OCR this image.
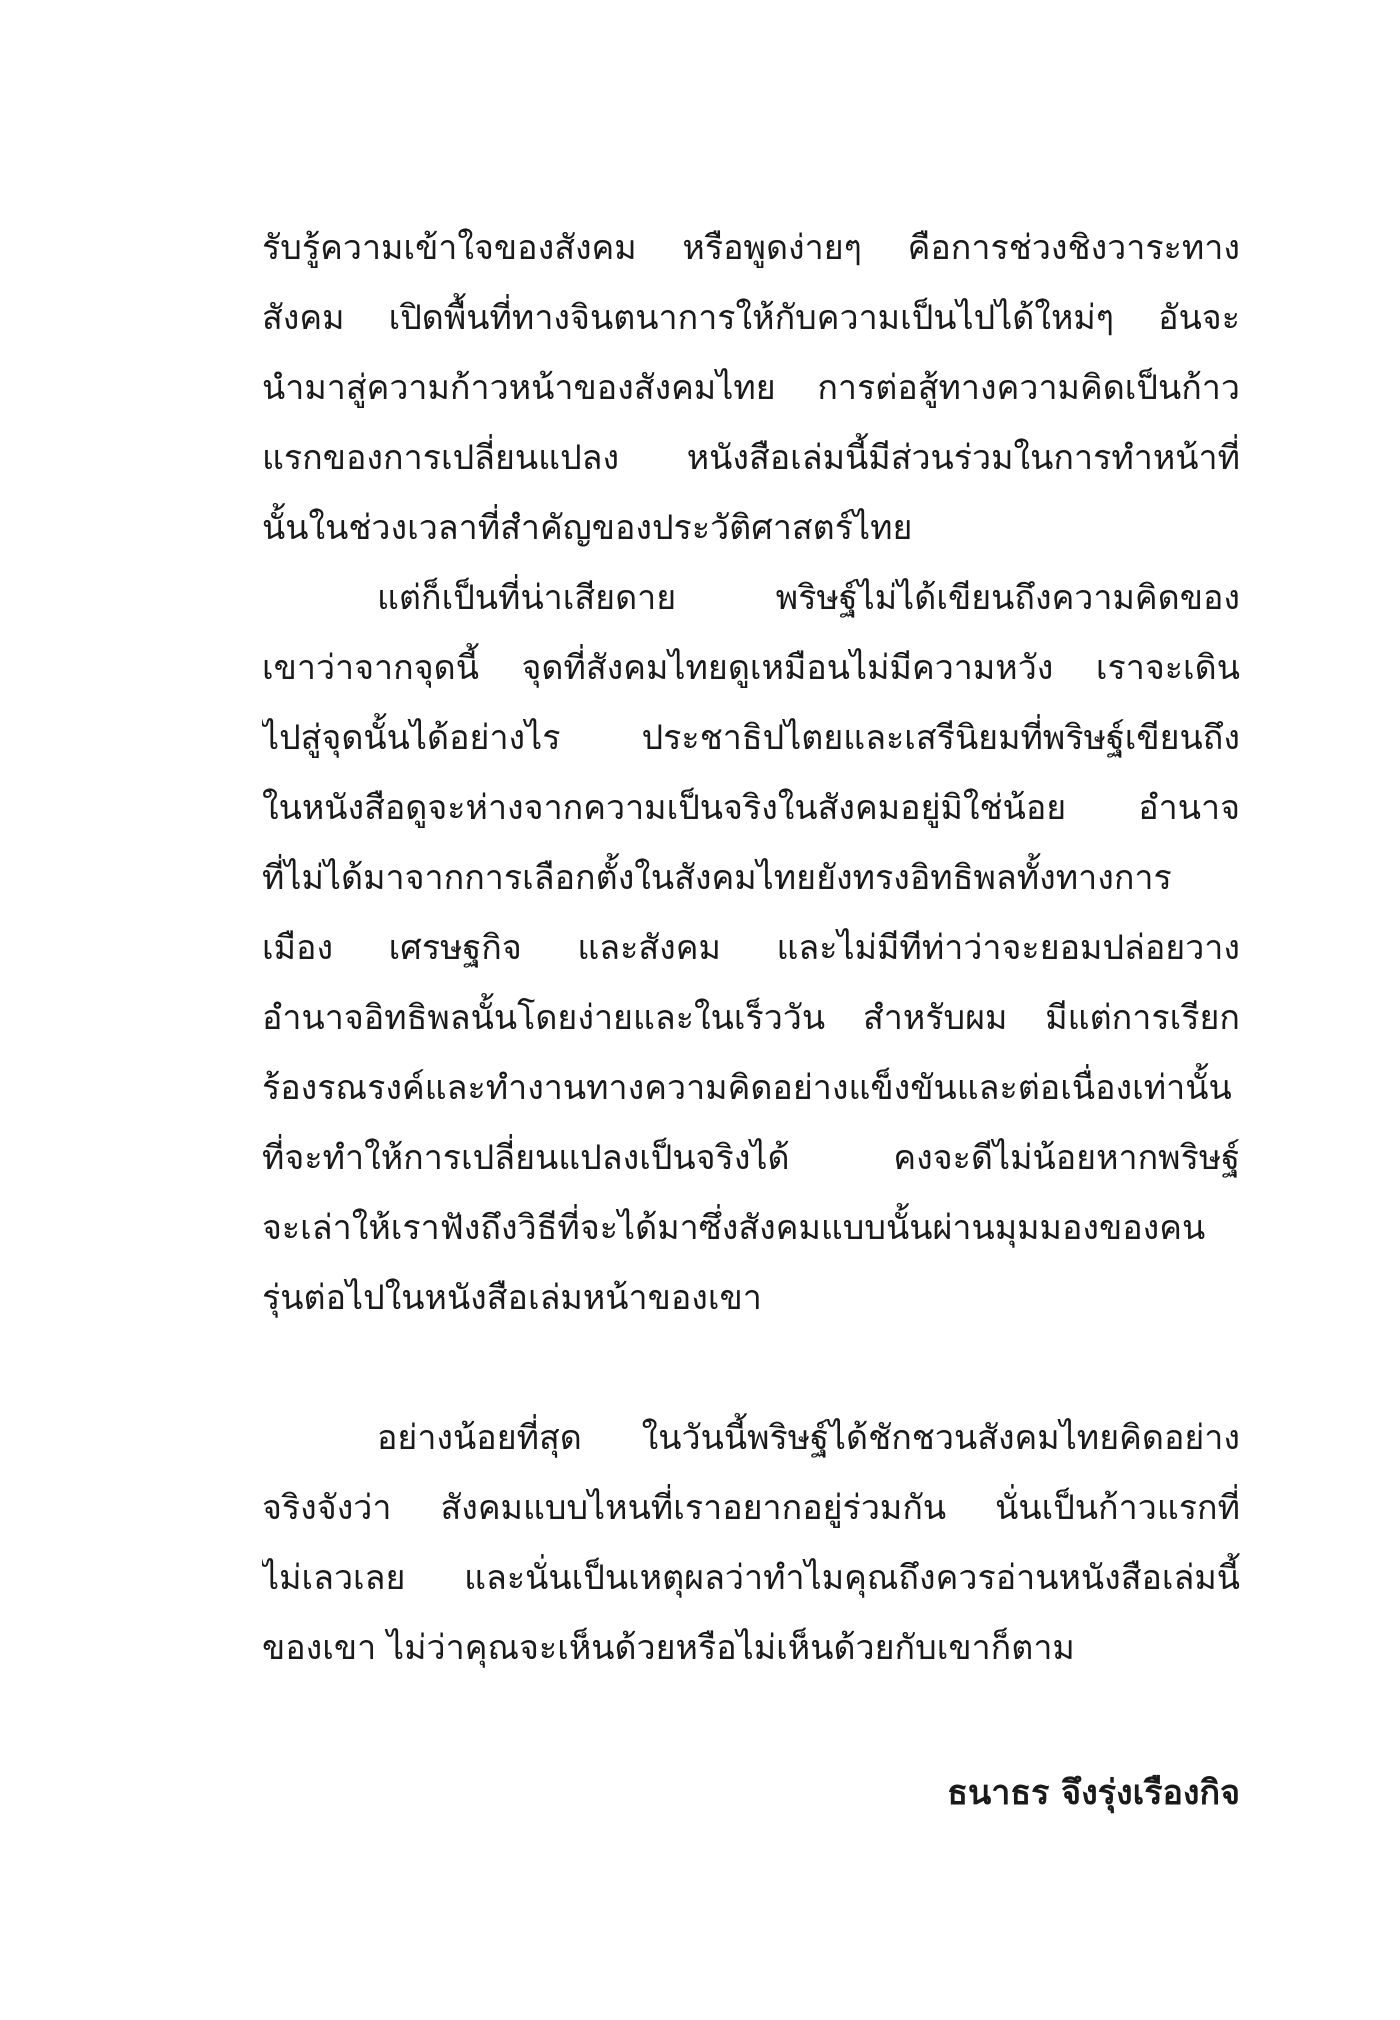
รับรู้ความเข้าใจของสังคม หรือพูดง่ายๆ คือการช่วงชิงวาระทาง
สังคม เปิดพื้นที่ทางจินตนาการให้กับความเป็นไปได้ใหม่ๆ อันจะ
นำมาสู่ความก้าวหน้าของสังคมไทย การต่อสู้ทางความคิดเป็นก้าว
แรกของการเปลี่ยนแปลง หนังสือเล่มนี้มีส่วนร่วมในการทำหน้าที่
นั้นในช่วงเวลาที่สำคัญของประวัติศาสตร์ไทย
แต่ก็เป็นที่น่าเสียดาย พริษฐ์ไม่ได้เขียนถึงความคิดของ
เขาว่าจากจุดนี้ จุดที่สังคมไทยดูเหมือนไม่มีความหวัง เราจะเดิน
ไปสู่จุดนั้นได้อย่างไร ประชาธิปไตยและเสรีนิยมที่พริษฐ์เขียนถึง
ในหนังสือดูจะห่างจากความเป็นจริงในสังคมอยู่มิใช่น้อย อำนาจ
ที่ไม่ได้มาจากการเลือกตั้งในสังคมไทยยังทรงอิทธิพลทั้งทางการ
เมือง เศรษฐกิจ และสังคม และไม่มีทีท่าว่าจะยอมปล่อยวาง
อำนาจอิทธิพลนั้นโดยง่ายและในเร็ววัน สำหรับผม มีแต่การเรียก
ร้องรณรงค์และทำงานทางความคิดอย่างแข็งขันและต่อเนื่องเท่านั้น
ที่จะทำให้การเปลี่ยนแปลงเป็นจริงได้ คงจะดีไม่น้อยหากพริษฐ์
จะเล่าให้เราฟังถึงวิธีที่จะได้มาซึ่งสังคมแบบนั้นผ่านมุมมองของคน
รุ่นต่อไปในหนังสือเล่มหน้าของเขา
อย่างน้อยที่สุด ในวันนี้พริษฐ์ได้ชักชวนสังคมไทยคิดอย่าง
จริงจังว่า สังคมแบบไหนที่เราอยากอยู่ร่วมกัน นั่นเป็นก้าวแรกที่
ไม่เลวเลย และนั่นเป็นเหตุผลว่าทำไมคุณถึงควรอ่านหนังสือเล่มนี้
ของเขา ไม่ว่าคุณจะเห็นด้วยหรือไม่เห็นด้วยกับเขาก็ตาม
ธนาธร จึงรุ่งเรืองกิจ
